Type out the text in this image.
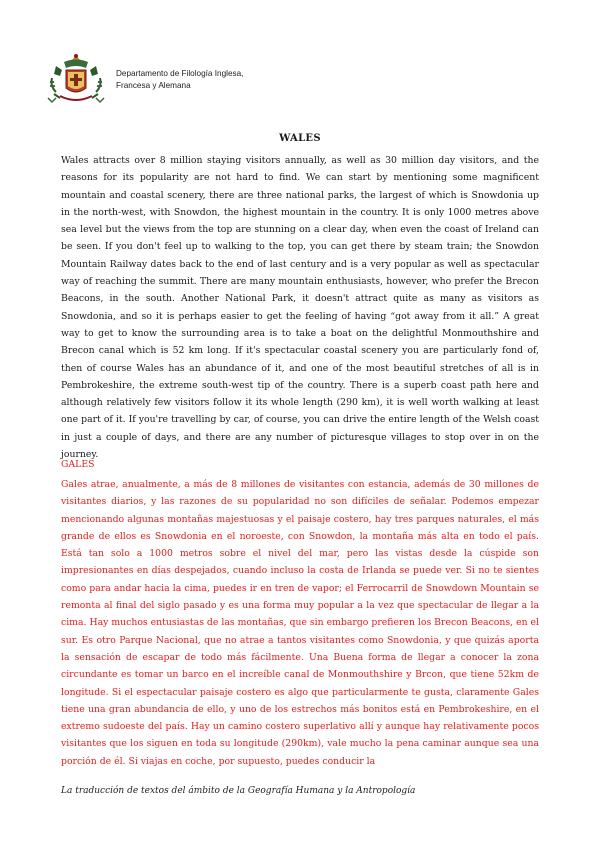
Departamento de Filología Inglesa,
Francesa y Alemana
WALES
Wales attracts over 8 million staying visitors annually, as well as 30 million day visitors, and the reasons for its popularity are not hard to find. We can start by mentioning some magnificent mountain and coastal scenery, there are three national parks, the largest of which is Snowdonia up in the north-west, with Snowdon, the highest mountain in the country. It is only 1000 metres above sea level but the views from the top are stunning on a clear day, when even the coast of Ireland can be seen. If you don't feel up to walking to the top, you can get there by steam train; the Snowdon Mountain Railway dates back to the end of last century and is a very popular as well as spectacular way of reaching the summit. There are many mountain enthusiasts, however, who prefer the Brecon Beacons, in the south. Another National Park, it doesn't attract quite as many as visitors as Snowdonia, and so it is perhaps easier to get the feeling of having “got away from it all.” A great way to get to know the surrounding area is to take a boat on the delightful Monmouthshire and Brecon canal which is 52 km long. If it's spectacular coastal scenery you are particularly fond of, then of course Wales has an abundance of it, and one of the most beautiful stretches of all is in Pembrokeshire, the extreme south-west tip of the country. There is a superb coast path here and although relatively few visitors follow it its whole length (290 km), it is well worth walking at least one part of it. If you're travelling by car, of course, you can drive the entire length of the Welsh coast in just a couple of days, and there are any number of picturesque villages to stop over in on the journey.
GALES
Gales atrae, anualmente, a más de 8 millones de visitantes con estancia, además de 30 millones de visitantes diarios, y las razones de su popularidad no son difíciles de señalar. Podemos empezar mencionando algunas montañas majestuosas y el paisaje costero, hay tres parques naturales, el más grande de ellos es Snowdonia en el noroeste, con Snowdon, la montaña más alta en todo el país. Está tan solo a 1000 metros sobre el nivel del mar, pero las vistas desde la cúspide son impresionantes en días despejados, cuando incluso la costa de Irlanda se puede ver. Si no te sientes como para andar hacia la cima, puedes ir en tren de vapor; el Ferrocarril de Snowdown Mountain se remonta al final del siglo pasado y es una forma muy popular a la vez que spectacular de llegar a la cima. Hay muchos entusiastas de las montañas, que sin embargo prefieren los Brecon Beacons, en el sur. Es otro Parque Nacional, que no atrae a tantos visitantes como Snowdonia, y que quizás aporta la sensación de escapar de todo más fácilmente. Una Buena forma de llegar a conocer la zona circundante es tomar un barco en el increíble canal de Monmouthshire y Brcon, que tiene 52km de longitude. Si el espectacular paisaje costero es algo que particularmente te gusta, claramente Gales tiene una gran abundancia de ello, y uno de los estrechos más bonitos está en Pembrokeshire, en el extremo sudoeste del país. Hay un camino costero superlativo allí y aunque hay relativamente pocos visitantes que los siguen en toda su longitude (290km), vale mucho la pena caminar aunque sea una porción de él. Si viajas en coche, por supuesto, puedes conducir la
La traducción de textos del ámbito de la Geografía Humana y la Antropología
